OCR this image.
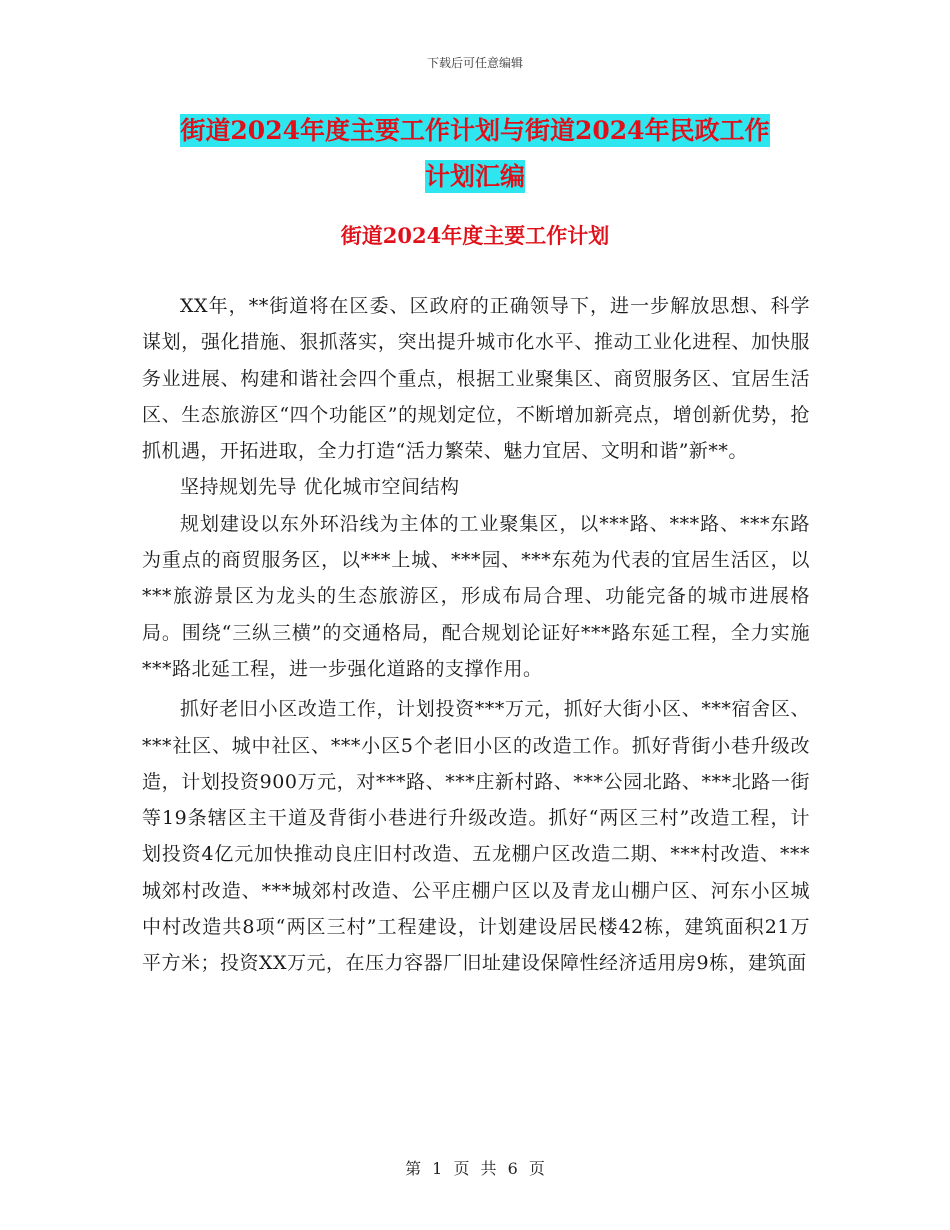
下载后可任意编辑
街道2024年度主要工作计划与街道2024年民政工作
计划汇编
街道2024年度主要工作计划

XX年，**街道将在区委、区政府的正确领导下，进一步解放思想、科学谋划，强化措施、狠抓落实，突出提升城市化水平、推动工业化进程、加快服务业进展、构建和谐社会四个重点，根据工业聚集区、商贸服务区、宜居生活区、生态旅游区“四个功能区”的规划定位，不断增加新亮点，增创新优势，抢抓机遇，开拓进取，全力打造“活力繁荣、魅力宜居、文明和谐”新**。

坚持规划先导 优化城市空间结构

规划建设以东外环沿线为主体的工业聚集区，以***路、***路、***东路为重点的商贸服务区，以***上城、***园、***东苑为代表的宜居生活区，以***旅游景区为龙头的生态旅游区，形成布局合理、功能完备的城市进展格局。围绕“三纵三横”的交通格局，配合规划论证好***路东延工程，全力实施***路北延工程，进一步强化道路的支撑作用。

抓好老旧小区改造工作，计划投资***万元，抓好大街小区、***宿舍区、***社区、城中社区、***小区5个老旧小区的改造工作。抓好背街小巷升级改造，计划投资900万元，对***路、***庄新村路、***公园北路、***北路一街等19条辖区主干道及背街小巷进行升级改造。抓好“两区三村”改造工程，计划投资4亿元加快推动良庄旧村改造、五龙棚户区改造二期、***村改造、***城郊村改造、***城郊村改造、公平庄棚户区以及青龙山棚户区、河东小区城中村改造共8项“两区三村”工程建设，计划建设居民楼42栋，建筑面积21万平方米；投资XX万元，在压力容器厂旧址建设保障性经济适用房9栋，建筑面

第 1 页 共 6 页
